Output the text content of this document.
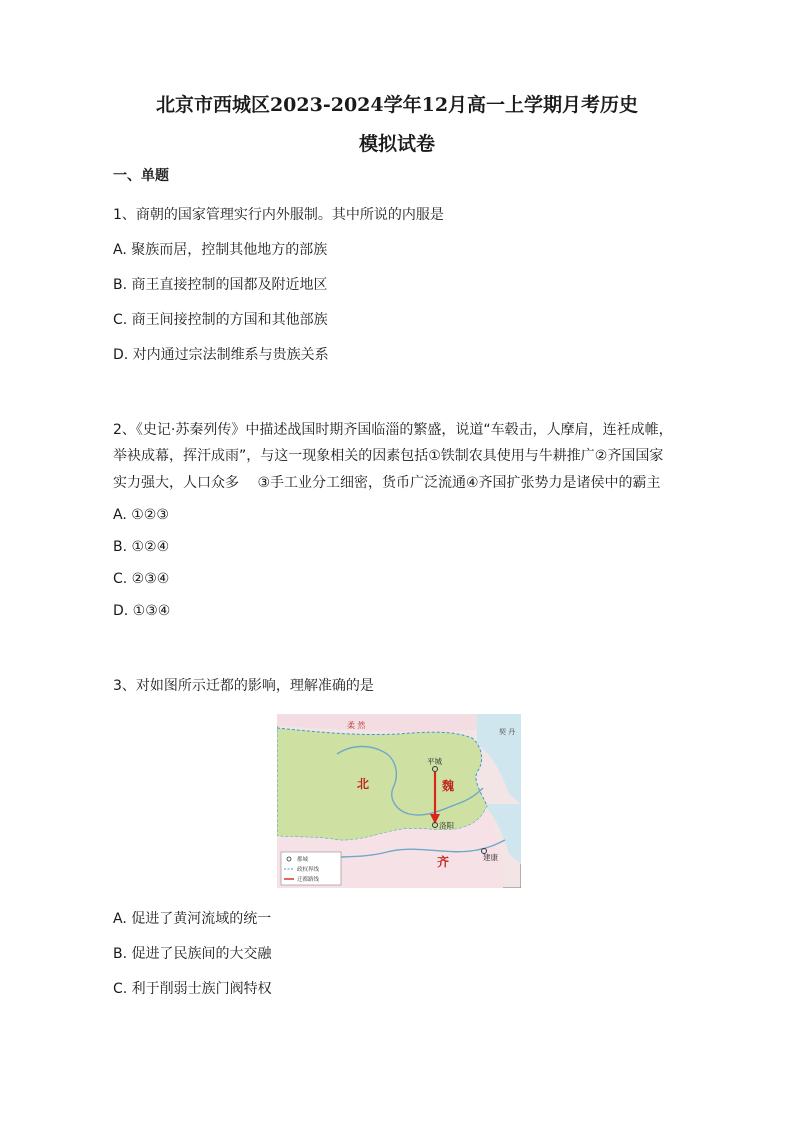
北京市西城区2023-2024学年12月高一上学期月考历史
模拟试卷
一、单题
1、商朝的国家管理实行内外服制。其中所说的内服是
A. 聚族而居，控制其他地方的部族
B. 商王直接控制的国都及附近地区
C. 商王间接控制的方国和其他部族
D. 对内通过宗法制维系与贵族关系
2、《史记·苏秦列传》中描述战国时期齐国临淄的繁盛，说道“车毂击，人摩肩，连衽成帷，
举袂成幕，挥汗成雨”，与这一现象相关的因素包括①铁制农具使用与牛耕推广②齐国国家
实力强大，人口众多　 ③手工业分工细密，货币广泛流通④齐国扩张势力是诸侯中的霸主
A. ①②③
B. ①②④
C. ②③④
D. ①③④
3、对如图所示迁都的影响，理解准确的是
柔 然
契 丹
北	魏
平城
洛阳
齐	建康
都城
政权界线
迁都路线
A. 促进了黄河流域的统一
B. 促进了民族间的大交融
C. 利于削弱士族门阀特权
